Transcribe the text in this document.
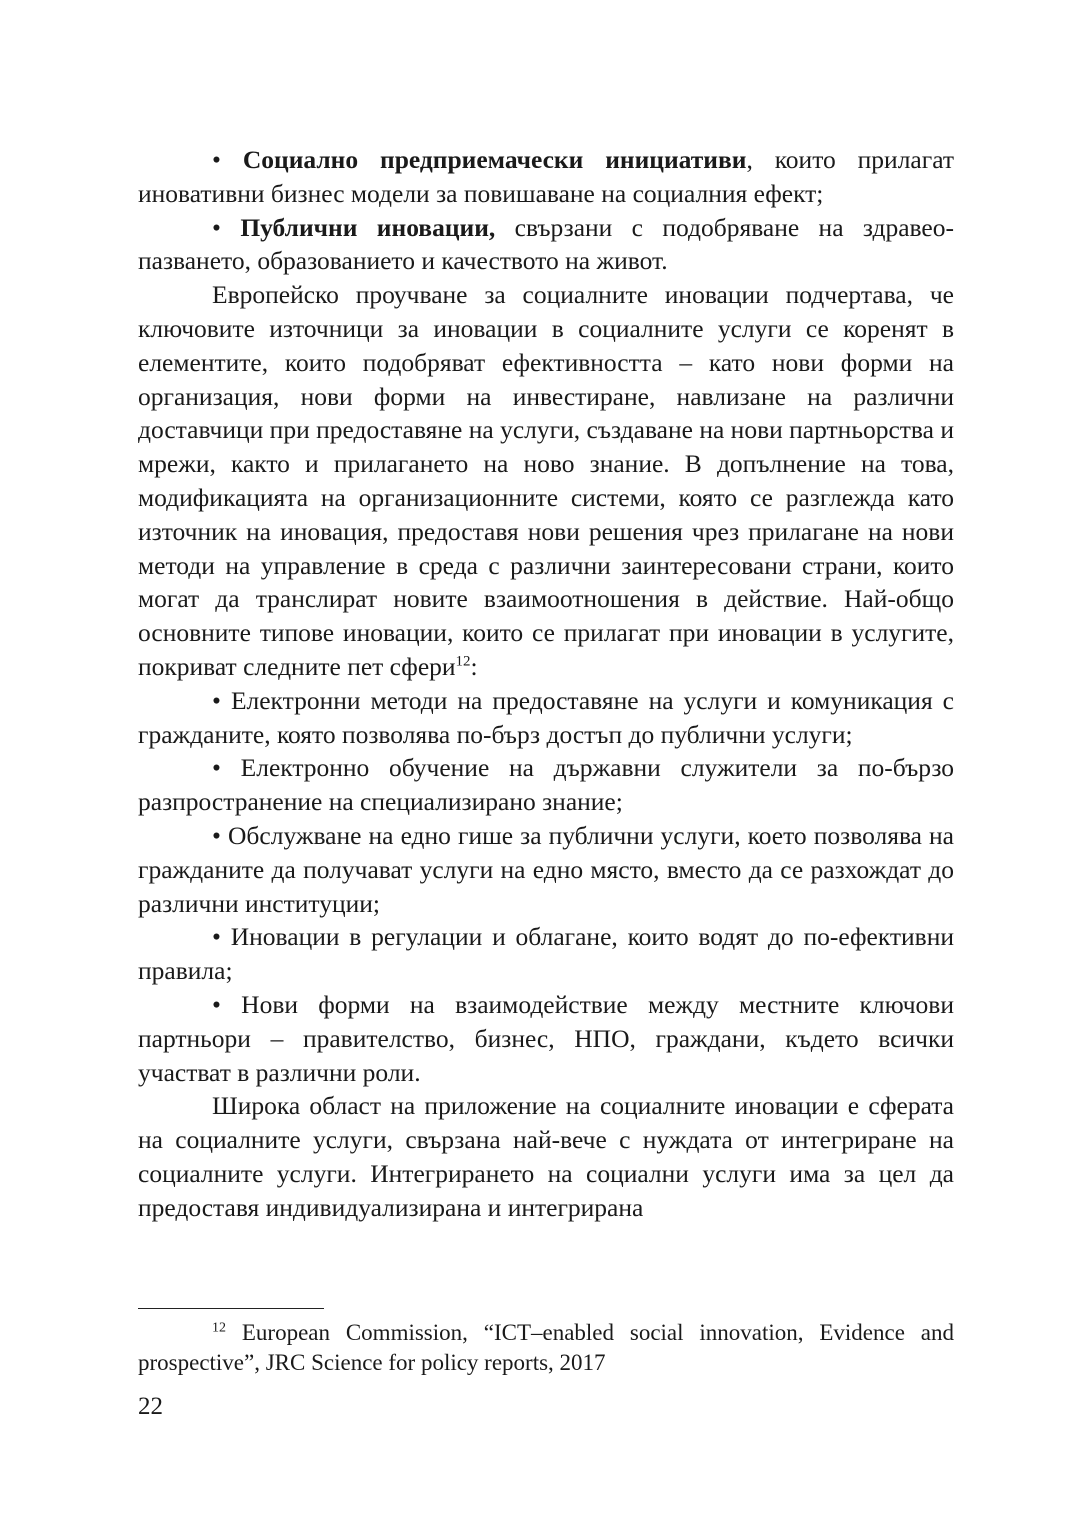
• Социално предприемачески инициативи, които прилагат иновативни бизнес модели за повишаване на социалния ефект;

• Публични иновации, свързани с подобряване на здравеопазването, образованието и качеството на живот.

Европейско проучване за социалните иновации подчертава, че ключовите източници за иновации в социалните услуги се коренят в елементите, които подобряват ефективността – като нови форми на организация, нови форми на инвестиране, навлизане на различни доставчици при предоставяне на услуги, създаване на нови партньорства и мрежи, както и прилагането на ново знание. В допълнение на това, модификацията на организационните системи, която се разглежда като източник на иновация, предоставя нови решения чрез прилагане на нови методи на управление в среда с различни заинтересовани страни, които могат да транслират новите взаимоотношения в действие. Най-общо основните типове иновации, които се прилагат при иновации в услугите, покриват следните пет сфери$^{12}$:

• Електронни методи на предоставяне на услуги и комуникация с гражданите, която позволява по-бърз достъп до публични услуги;

• Електронно обучение на държавни служители за по-бързо разпространение на специализирано знание;

• Обслужване на едно гише за публични услуги, което позволява на гражданите да получават услуги на едно място, вместо да се разхождат до различни институции;

• Иновации в регулации и облагане, които водят до по-ефективни правила;

• Нови форми на взаимодействие между местните ключови партньори – правителство, бизнес, НПО, граждани, където всички участват в различни роли.

Широка област на приложение на социалните иновации е сферата на социалните услуги, свързана най-вече с нуждата от интегриране на социалните услуги. Интегрирането на социални услуги има за цел да предоставя индивидуализирана и интегрирана

$^{12}$ European Commission, “ICT–enabled social innovation, Evidence and prospective”, JRC Science for policy reports, 2017

22
